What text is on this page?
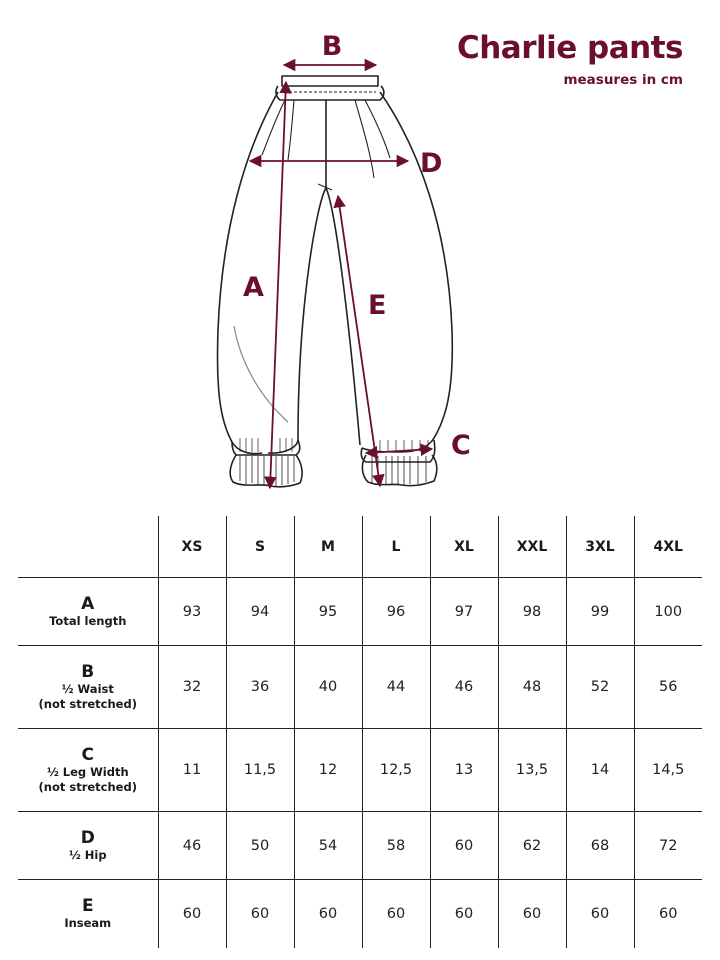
Charlie pants
measures in cm
B
D
A
E
C
	XS	S	M	L	XL	XXL	3XL	4XL

A
Total length	93	94	95	96	97	98	99	100

B
½ Waist
(not stretched)	32	36	40	44	46	48	52	56

C
½ Leg Width
(not stretched)	11	11,5	12	12,5	13	13,5	14	14,5

D
½ Hip	46	50	54	58	60	62	68	72

E
Inseam	60	60	60	60	60	60	60	60
